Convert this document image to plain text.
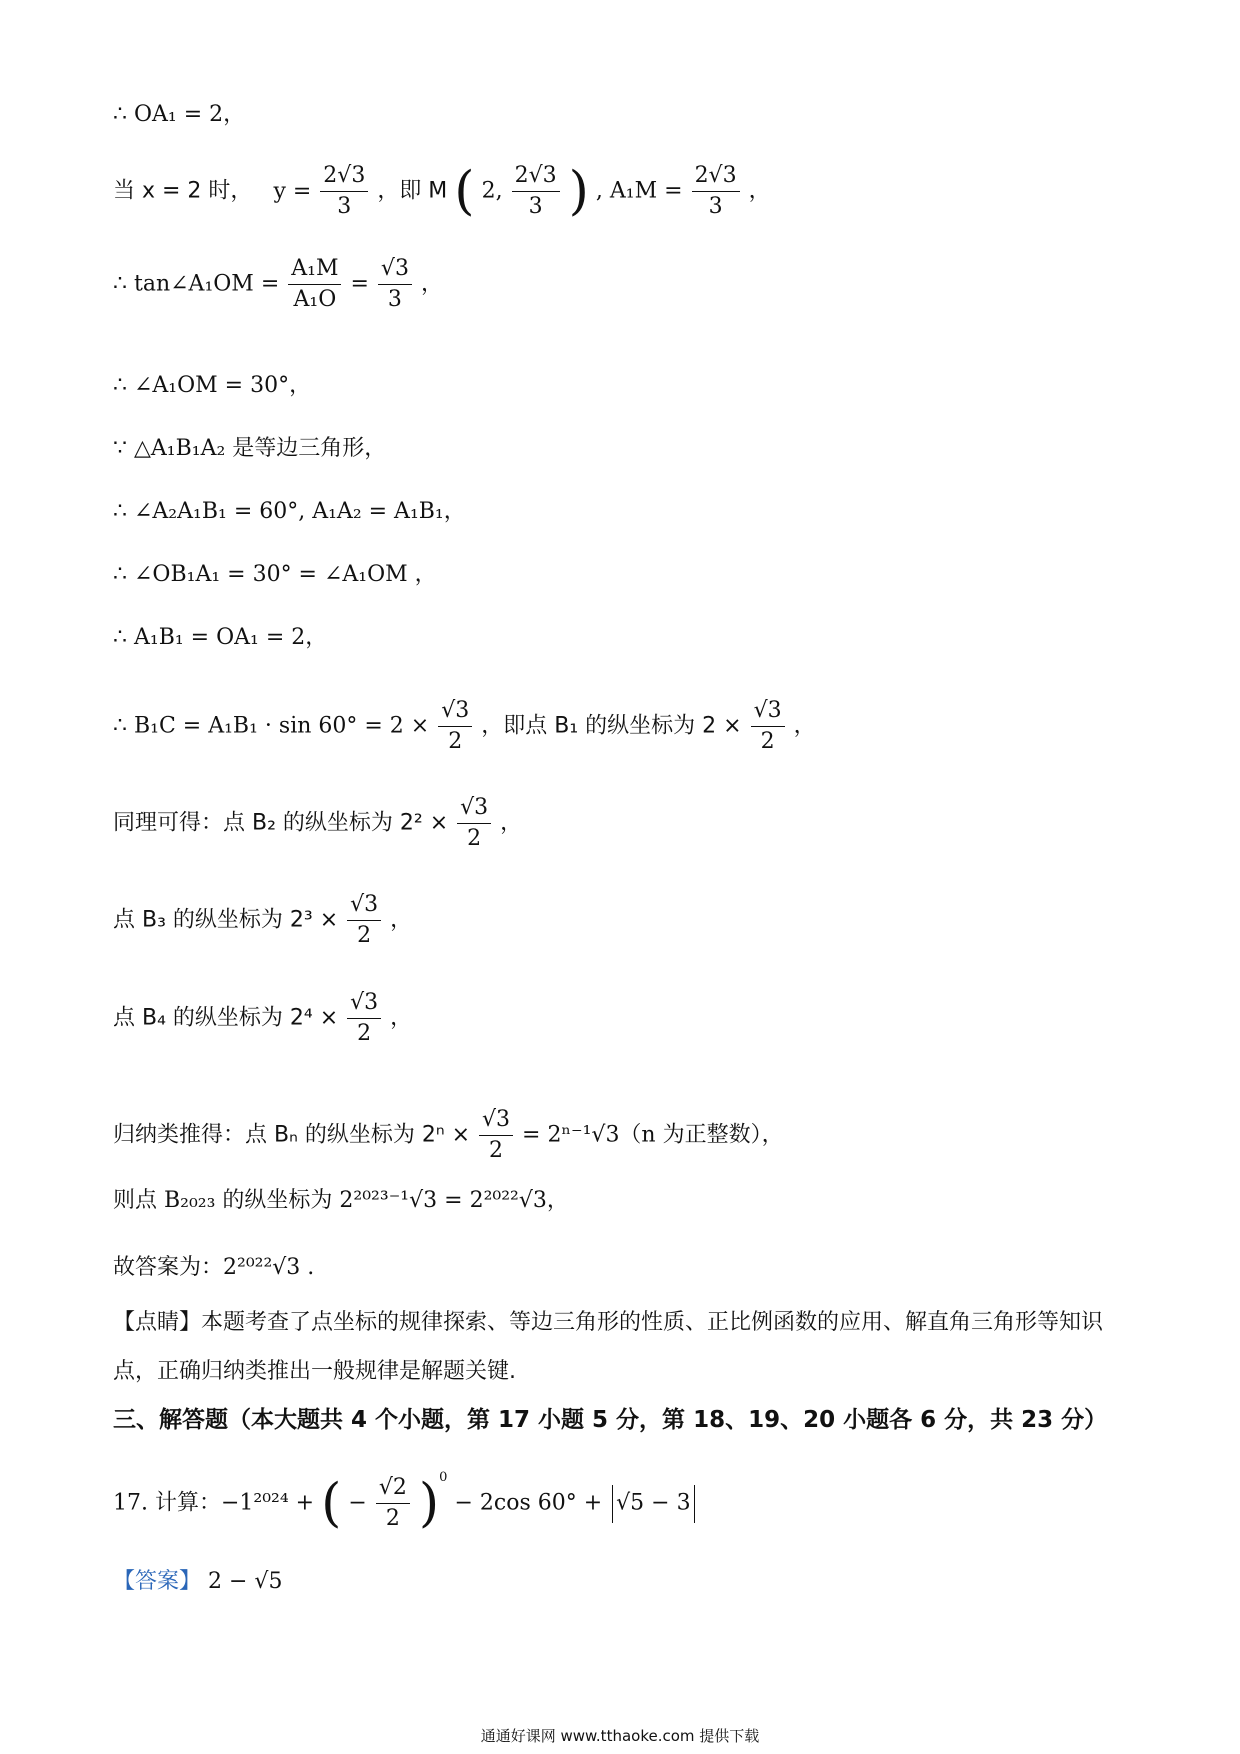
∴ OA₁ = 2，
当 x = 2 时， $y = \frac{2√3}{3}$ ，即 M ( 2, $\frac{2√3}{3}$ ) , $A_1M = \frac{2√3}{3}$ ，
∴ tan∠A₁OM = $\frac{\text{A₁M}}{\text{A₁O}} = \frac{√3}{3}$ ，
∴ ∠A₁OM = 30°，
∵ △A₁B₁A₂ 是等边三角形，
∴ ∠A₂A₁B₁ = 60°, A₁A₂ = A₁B₁，
∴ ∠OB₁A₁ = 30° = ∠A₁OM ，
∴ A₁B₁ = OA₁ = 2，
∴ $B_1C = A_1B_1 \cdot \sin 60^\circ = 2 \times \frac{√3}{2}$ ，即点 B₁ 的纵坐标为 $2 \times \frac{√3}{2}$ ，
同理可得：点 B₂ 的纵坐标为 $2^2 \times \frac{√3}{2}$ ，
点 B₃ 的纵坐标为 $2^3 \times \frac{√3}{2}$ ，
点 B₄ 的纵坐标为 $2^4 \times \frac{√3}{2}$ ，
归纳类推得：点 Bₙ 的纵坐标为 $2^n \times \frac{√3}{2} = 2^{n-1}√3(n$ 为正整数），
则点 B₂₀₂₃ 的纵坐标为 2²⁰²³⁻¹√3 = 2²⁰²²√3，
故答案为：2²⁰²²√3 .
【点睛】本题考查了点坐标的规律探索、等边三角形的性质、正比例函数的应用、解直角三角形等知识
点，正确归纳类推出一般规律是解题关键.
三、解答题（本大题共 4 个小题，第 17 小题 5 分，第 18、19、20 小题各 6 分，共 23 分）
17. 计算：−1²⁰²⁴ + ( − $\frac{√2}{2} )^0 - 2\cos$ 60° + √5 − 3
【答案】 2 − √5
通通好课网 www.tthaoke.com 提供下载
